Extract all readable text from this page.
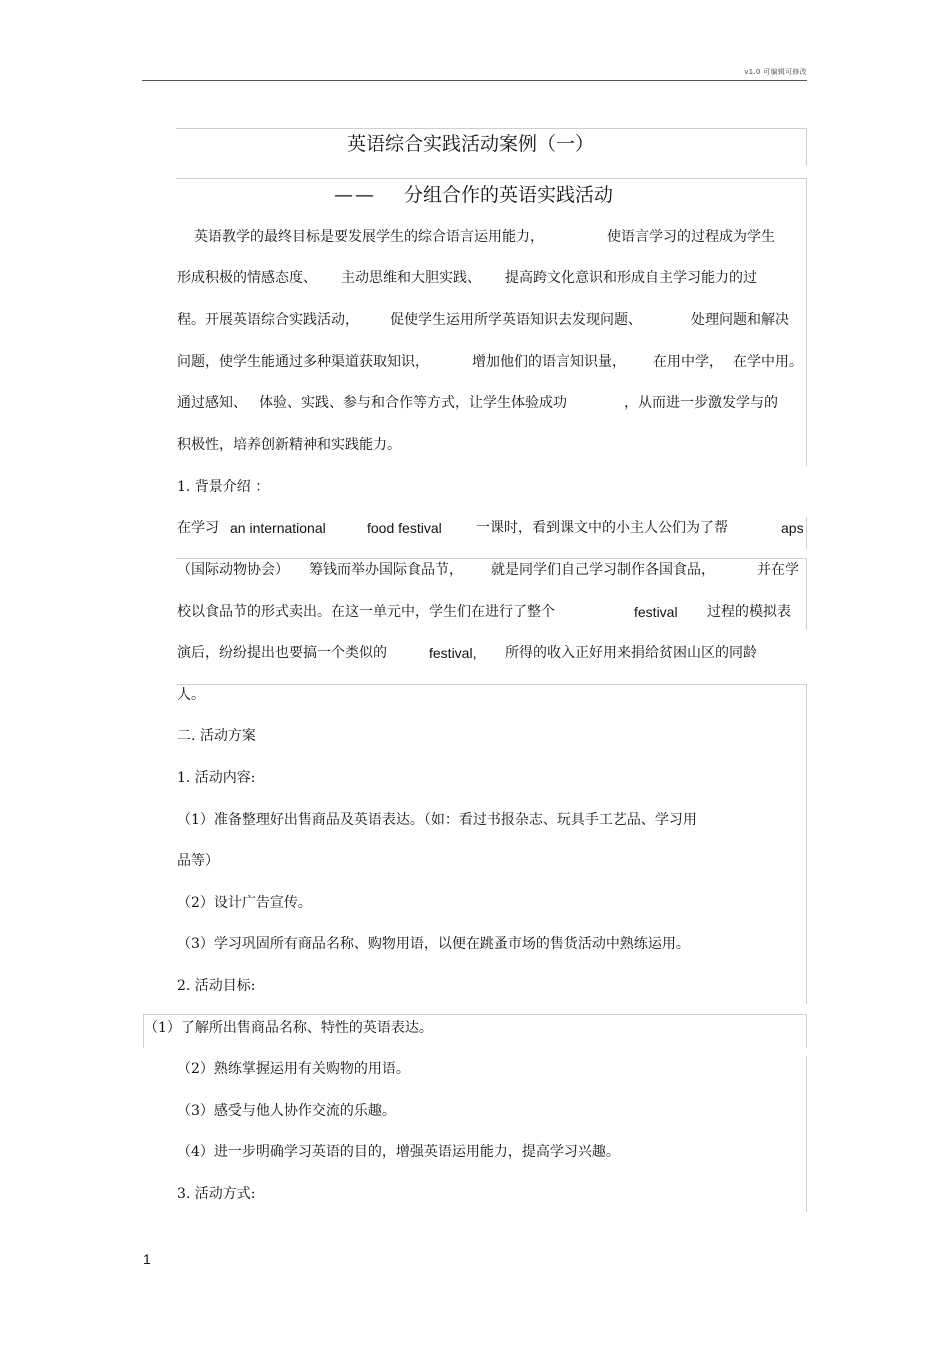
v1.0 可编辑可修改
英语综合实践活动案例（一）
—— 分组合作的英语实践活动
英语教学的最终目标是要发展学生的综合语言运用能力，	使语言学习的过程成为学生
形成积极的情感态度、 主动思维和大胆实践、 提高跨文化意识和形成自主学习能力的过
程。开展英语综合实践活动， 促使学生运用所学英语知识去发现问题、	处理问题和解决
问题，使学生能通过多种渠道获取知识，	增加他们的语言知识量， 在用中学， 在学中用。
通过感知、 体验、实践、参与和合作等方式，让学生体验成功	，从而进一步激发学与的
积极性，培养创新精神和实践能力。
1. 背景介绍 ：
在学习 an international	food festival 一课时，看到课文中的小主人公们为了帮	aps
（国际动物协会） 筹钱而举办国际食品节， 就是同学们自己学习制作各国食品，	并在学
校以食品节的形式卖出。在这一单元中，学生们在进行了整个	festival 过程的模拟表
演后，纷纷提出也要搞一个类似的	festival, 所得的收入正好用来捐给贫困山区的同龄
人。
二. 活动方案
1. 活动内容:
（1）准备整理好出售商品及英语表达。（如：看过书报杂志、玩具手工艺品、学习用
品等）
（2）设计广告宣传。
（3）学习巩固所有商品名称、购物用语，以便在跳蚤市场的售货活动中熟练运用。
2. 活动目标:
（1）了解所出售商品名称、特性的英语表达。
（2）熟练掌握运用有关购物的用语。
（3）感受与他人协作交流的乐趣。
（4）进一步明确学习英语的目的，增强英语运用能力，提高学习兴趣。
3. 活动方式:
1
